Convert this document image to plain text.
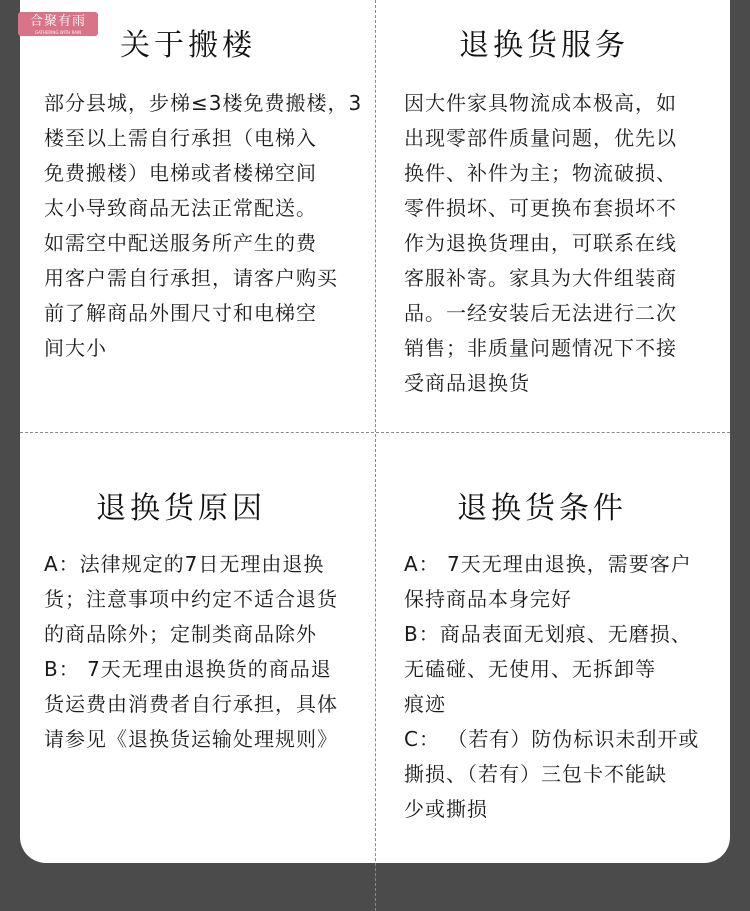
合聚有雨
GATHERING WITH RAIN	关于搬楼

部分县城，步梯≤3楼免费搬楼，3

楼至以上需自行承担（电梯入

免费搬楼）电梯或者楼梯空间

太小导致商品无法正常配送。

如需空中配送服务所产生的费

用客户需自行承担，请客户购买

前了解商品外围尺寸和电梯空

间大小

退换货服务

因大件家具物流成本极高，如

出现零部件质量问题，优先以

换件、补件为主；物流破损、

零件损坏、可更换布套损坏不

作为退换货理由，可联系在线

客服补寄。家具为大件组装商

品。一经安装后无法进行二次

销售；非质量问题情况下不接

受商品退换货

退换货原因

A：法律规定的7日无理由退换

货；注意事项中约定不适合退货

的商品除外；定制类商品除外

B： 7天无理由退换货的商品退

货运费由消费者自行承担，具体

请参见《退换货运输处理规则》

退换货条件

A： 7天无理由退换，需要客户

保持商品本身完好

B：商品表面无划痕、无磨损、

无磕碰、无使用、无拆卸等

痕迹

C： （若有）防伪标识未刮开或

撕损、（若有）三包卡不能缺

少或撕损
